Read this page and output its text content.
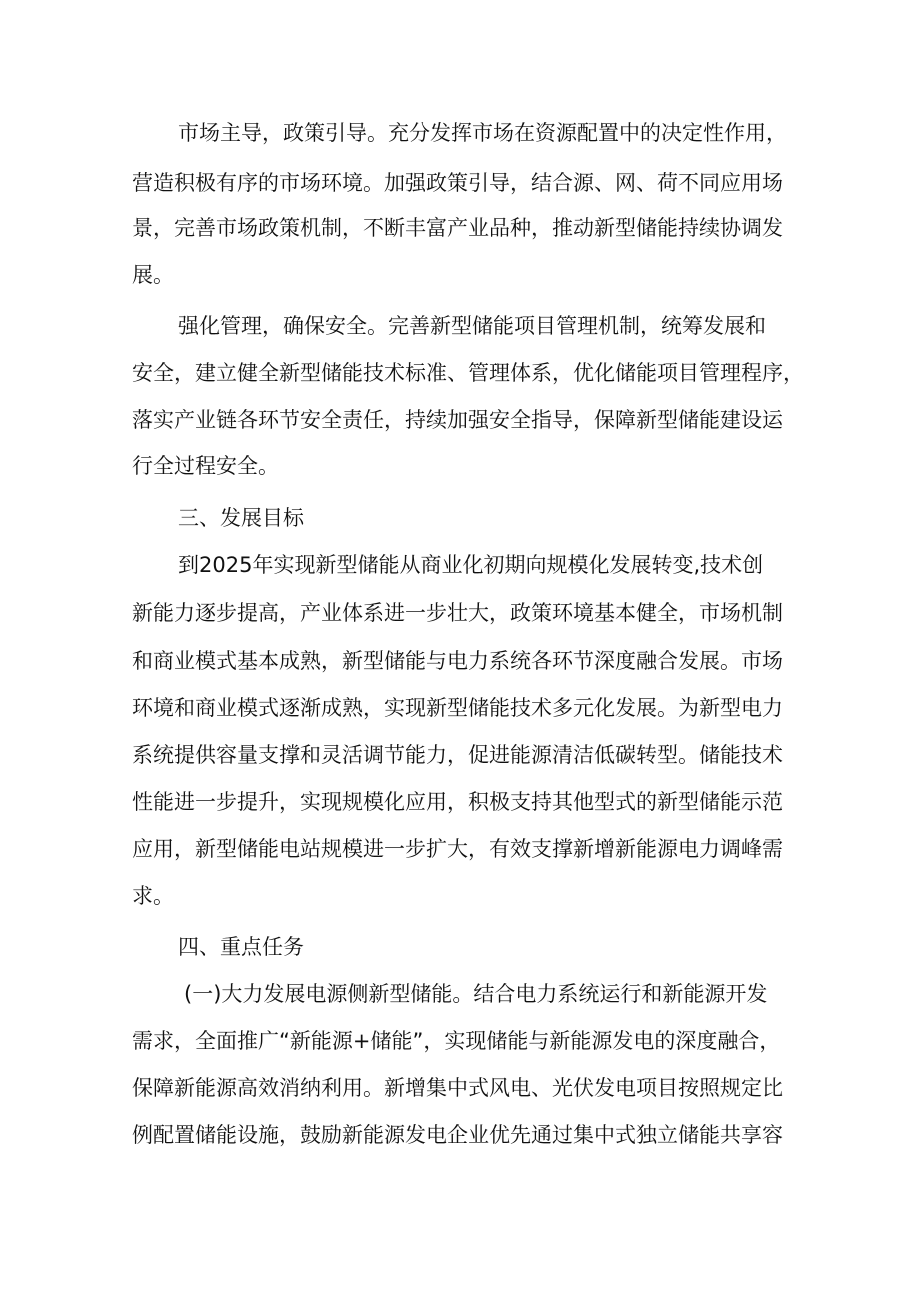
市场主导，政策引导。充分发挥市场在资源配置中的决定性作用，
营造积极有序的市场环境。加强政策引导，结合源、网、荷不同应用场
景，完善市场政策机制，不断丰富产业品种，推动新型储能持续协调发
展。
强化管理，确保安全。完善新型储能项目管理机制，统筹发展和
安全，建立健全新型储能技术标准、管理体系，优化储能项目管理程序，
落实产业链各环节安全责任，持续加强安全指导，保障新型储能建设运
行全过程安全。
三、发展目标
到2025年实现新型储能从商业化初期向规模化发展转变,技术创
新能力逐步提高，产业体系进一步壮大，政策环境基本健全，市场机制
和商业模式基本成熟，新型储能与电力系统各环节深度融合发展。市场
环境和商业模式逐渐成熟，实现新型储能技术多元化发展。为新型电力
系统提供容量支撑和灵活调节能力，促进能源清洁低碳转型。储能技术
性能进一步提升，实现规模化应用，积极支持其他型式的新型储能示范
应用，新型储能电站规模进一步扩大，有效支撑新增新能源电力调峰需
求。
四、重点任务
(一)大力发展电源侧新型储能。结合电力系统运行和新能源开发
需求，全面推广“新能源+储能”，实现储能与新能源发电的深度融合，
保障新能源高效消纳利用。新增集中式风电、光伏发电项目按照规定比
例配置储能设施，鼓励新能源发电企业优先通过集中式独立储能共享容
